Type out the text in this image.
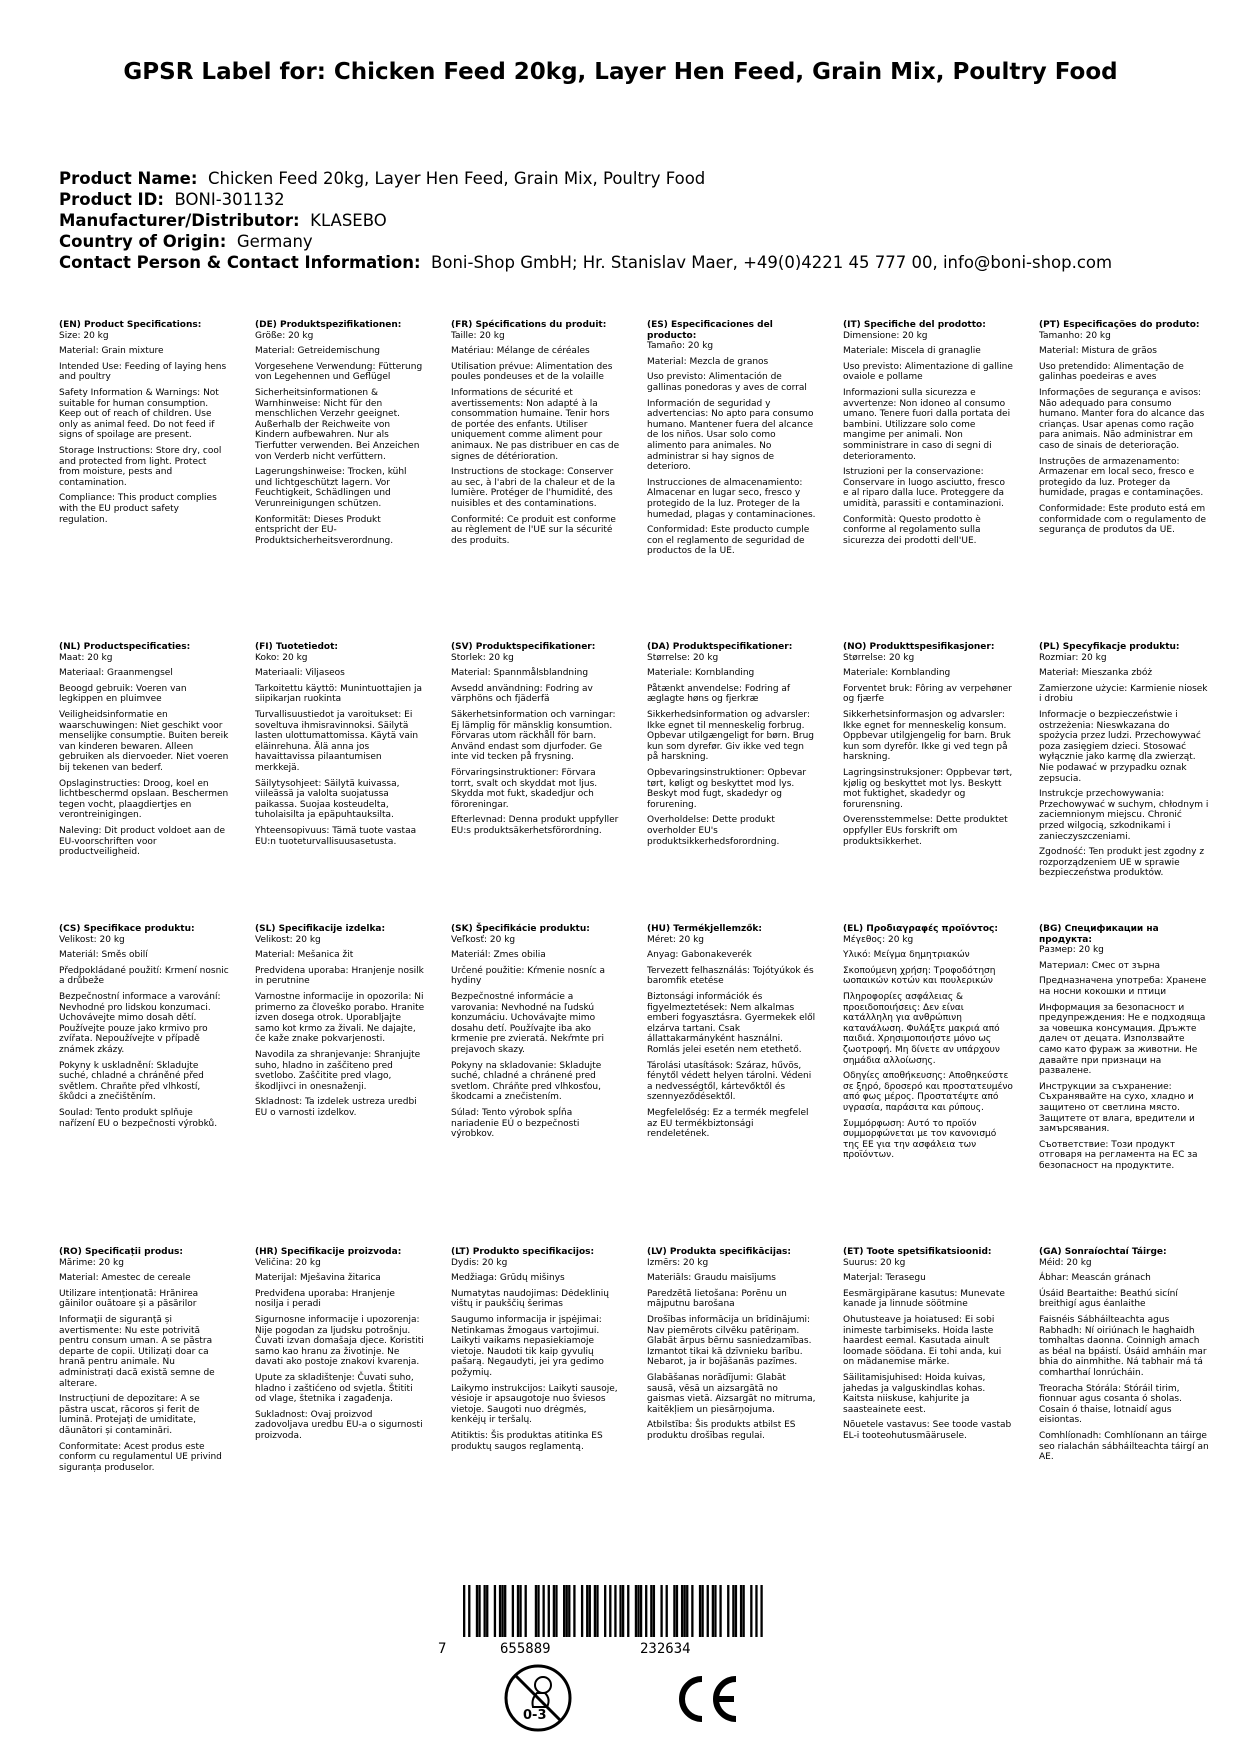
GPSR Label for: Chicken Feed 20kg, Layer Hen Feed, Grain Mix, Poultry Food
Product Name: Chicken Feed 20kg, Layer Hen Feed, Grain Mix, Poultry Food
Product ID: BONI-301132
Manufacturer/Distributor: KLASEBO
Country of Origin: Germany
Contact Person & Contact Information: Boni-Shop GmbH; Hr. Stanislav Maer, +49(0)4221 45 777 00, info@boni-shop.com
(EN) Product Specifications:

Size: 20 kg

Material: Grain mixture

Intended Use: Feeding of laying hens and poultry

Safety Information & Warnings: Not suitable for human consumption. Keep out of reach of children. Use only as animal feed. Do not feed if signs of spoilage are present.

Storage Instructions: Store dry, cool and protected from light. Protect from moisture, pests and contamination.

Compliance: This product complies with the EU product safety regulation.

(DE) Produktspezifikationen:

Größe: 20 kg

Material: Getreidemischung

Vorgesehene Verwendung: Fütterung von Legehennen und Geflügel

Sicherheitsinformationen & Warnhinweise: Nicht für den menschlichen Verzehr geeignet. Außerhalb der Reichweite von Kindern aufbewahren. Nur als Tierfutter verwenden. Bei Anzeichen von Verderb nicht verfüttern.

Lagerungshinweise: Trocken, kühl und lichtgeschützt lagern. Vor Feuchtigkeit, Schädlingen und Verunreinigungen schützen.

Konformität: Dieses Produkt entspricht der EU-Produktsicherheitsverordnung.

(FR) Spécifications du produit:

Taille: 20 kg

Matériau: Mélange de céréales

Utilisation prévue: Alimentation des poules pondeuses et de la volaille

Informations de sécurité et avertissements: Non adapté à la consommation humaine. Tenir hors de portée des enfants. Utiliser uniquement comme aliment pour animaux. Ne pas distribuer en cas de signes de détérioration.

Instructions de stockage: Conserver au sec, à l'abri de la chaleur et de la lumière. Protéger de l'humidité, des nuisibles et des contaminations.

Conformité: Ce produit est conforme au règlement de l'UE sur la sécurité des produits.

(ES) Especificaciones del producto:

Tamaño: 20 kg

Material: Mezcla de granos

Uso previsto: Alimentación de gallinas ponedoras y aves de corral

Información de seguridad y advertencias: No apto para consumo humano. Mantener fuera del alcance de los niños. Usar solo como alimento para animales. No administrar si hay signos de deterioro.

Instrucciones de almacenamiento: Almacenar en lugar seco, fresco y protegido de la luz. Proteger de la humedad, plagas y contaminaciones.

Conformidad: Este producto cumple con el reglamento de seguridad de productos de la UE.

(IT) Specifiche del prodotto:

Dimensione: 20 kg

Materiale: Miscela di granaglie

Uso previsto: Alimentazione di galline ovaiole e pollame

Informazioni sulla sicurezza e avvertenze: Non idoneo al consumo umano. Tenere fuori dalla portata dei bambini. Utilizzare solo come mangime per animali. Non somministrare in caso di segni di deterioramento.

Istruzioni per la conservazione: Conservare in luogo asciutto, fresco e al riparo dalla luce. Proteggere da umidità, parassiti e contaminazioni.

Conformità: Questo prodotto è conforme al regolamento sulla sicurezza dei prodotti dell'UE.

(PT) Especificações do produto:

Tamanho: 20 kg

Material: Mistura de grãos

Uso pretendido: Alimentação de galinhas poedeiras e aves

Informações de segurança e avisos: Não adequado para consumo humano. Manter fora do alcance das crianças. Usar apenas como ração para animais. Não administrar em caso de sinais de deterioração.

Instruções de armazenamento: Armazenar em local seco, fresco e protegido da luz. Proteger da humidade, pragas e contaminações.

Conformidade: Este produto está em conformidade com o regulamento de segurança de produtos da UE.

(NL) Productspecificaties:

Maat: 20 kg

Materiaal: Graanmengsel

Beoogd gebruik: Voeren van legkippen en pluimvee

Veiligheidsinformatie en waarschuwingen: Niet geschikt voor menselijke consumptie. Buiten bereik van kinderen bewaren. Alleen gebruiken als diervoeder. Niet voeren bij tekenen van bederf.

Opslaginstructies: Droog, koel en lichtbeschermd opslaan. Beschermen tegen vocht, plaagdiertjes en verontreinigingen.

Naleving: Dit product voldoet aan de EU-voorschriften voor productveiligheid.

(FI) Tuotetiedot:

Koko: 20 kg

Materiaali: Viljaseos

Tarkoitettu käyttö: Munintuottajien ja siipikarjan ruokinta

Turvallisuustiedot ja varoitukset: Ei soveltuva ihmisravinnoksi. Säilytä lasten ulottumattomissa. Käytä vain eläinrehuna. Älä anna jos havaittavissa pilaantumisen merkkejä.

Säilytysohjeet: Säilytä kuivassa, viileässä ja valolta suojatussa paikassa. Suojaa kosteudelta, tuholaisilta ja epäpuhtauksilta.

Yhteensopivuus: Tämä tuote vastaa EU:n tuoteturvallisuusasetusta.

(SV) Produktspecifikationer:

Storlek: 20 kg

Material: Spannmålsblandning

Avsedd användning: Fodring av värphöns och fjäderfä

Säkerhetsinformation och varningar: Ej lämplig för mänsklig konsumtion. Förvaras utom räckhåll för barn. Använd endast som djurfoder. Ge inte vid tecken på frysning.

Förvaringsinstruktioner: Förvara torrt, svalt och skyddat mot ljus. Skydda mot fukt, skadedjur och föroreningar.

Efterlevnad: Denna produkt uppfyller EU:s produktsäkerhetsförordning.

(DA) Produktspecifikationer:

Størrelse: 20 kg

Materiale: Kornblanding

Påtænkt anvendelse: Fodring af æglagte høns og fjerkræ

Sikkerhedsinformation og advarsler: Ikke egnet til menneskelig forbrug. Opbevar utilgængeligt for børn. Brug kun som dyrefør. Giv ikke ved tegn på harskning.

Opbevaringsinstruktioner: Opbevar tørt, køligt og beskyttet mod lys. Beskyt mod fugt, skadedyr og forurening.

Overholdelse: Dette produkt overholder EU's produktsikkerhedsforordning.

(NO) Produkttspesifikasjoner:

Størrelse: 20 kg

Materiale: Kornblanding

Forventet bruk: Fôring av verpehøner og fjærfe

Sikkerhetsinformasjon og advarsler: Ikke egnet for menneskelig konsum. Oppbevar utilgjengelig for barn. Bruk kun som dyrefôr. Ikke gi ved tegn på harskning.

Lagringsinstruksjoner: Oppbevar tørt, kjølig og beskyttet mot lys. Beskytt mot fuktighet, skadedyr og forurensning.

Overensstemmelse: Dette produktet oppfyller EUs forskrift om produktsikkerhet.

(PL) Specyfikacje produktu:

Rozmiar: 20 kg

Materiał: Mieszanka zbóż

Zamierzone użycie: Karmienie niosek i drobiu

Informacje o bezpieczeństwie i ostrzeżenia: Nieswkazana do spożycia przez ludzi. Przechowywać poza zasięgiem dzieci. Stosować wyłącznie jako karmę dla zwierząt. Nie podawać w przypadku oznak zepsucia.

Instrukcje przechowywania: Przechowywać w suchym, chłodnym i zaciemnionym miejscu. Chronić przed wilgocią, szkodnikami i zanieczyszczeniami.

Zgodność: Ten produkt jest zgodny z rozporządzeniem UE w sprawie bezpieczeństwa produktów.

(CS) Specifikace produktu:

Velikost: 20 kg

Materiál: Směs obilí

Předpokládané použití: Krmení nosnic a drůbeže

Bezpečnostní informace a varování: Nevhodné pro lidskou konzumaci. Uchovávejte mimo dosah dětí. Používejte pouze jako krmivo pro zvířata. Nepoužívejte v případě známek zkázy.

Pokyny k uskladnění: Skladujte suché, chladné a chráněné před světlem. Chraňte před vlhkostí, škůdci a znečištěním.

Soulad: Tento produkt splňuje nařízení EU o bezpečnosti výrobků.

(SL) Specifikacije izdelka:

Velikost: 20 kg

Material: Mešanica žit

Predvidena uporaba: Hranjenje nosilk in perutnine

Varnostne informacije in opozorila: Ni primerno za človeško porabo. Hranite izven dosega otrok. Uporabljajte samo kot krmo za živali. Ne dajajte, če kaže znake pokvarjenosti.

Navodila za shranjevanje: Shranjujte suho, hladno in zaščiteno pred svetlobo. Zaščitite pred vlago, škodljivci in onesnaženji.

Skladnost: Ta izdelek ustreza uredbi EU o varnosti izdelkov.

(SK) Špecifikácie produktu:

Veľkosť: 20 kg

Materiál: Zmes obilia

Určené použitie: Kŕmenie nosníc a hydiny

Bezpečnostné informácie a varovania: Nevhodné na ľudskú konzumáciu. Uchovávajte mimo dosahu detí. Používajte iba ako krmenie pre zvieratá. Nekŕmte pri prejavoch skazy.

Pokyny na skladovanie: Skladujte suché, chladné a chránené pred svetlom. Chráňte pred vlhkosťou, škodcami a znečistením.

Súlad: Tento výrobok spĺňa nariadenie EÚ o bezpečnosti výrobkov.

(HU) Termékjellemzők:

Méret: 20 kg

Anyag: Gabonakeverék

Tervezett felhasználás: Tojótyúkok és baromfik etetése

Biztonsági információk és figyelmeztetések: Nem alkalmas emberi fogyasztásra. Gyermekek elől elzárva tartani. Csak állattakarmányként használni. Romlás jelei esetén nem etethető.

Tárolási utasítások: Száraz, hűvös, fénytől védett helyen tárolni. Védeni a nedvességtől, kártevőktől és szennyeződésektől.

Megfelelőség: Ez a termék megfelel az EU termékbiztonsági rendeletének.

(EL) Προδιαγραφές προϊόντος:

Μέγεθος: 20 kg

Υλικό: Μείγμα δημητριακών

Σκοπούμενη χρήση: Τροφοδότηση ωοπαικών κοτών και πουλερικών

Πληροφορίες ασφάλειας & προειδοποιήσεις: Δεν είναι κατάλληλη για ανθρώπινη κατανάλωση. Φυλάξτε μακριά από παιδιά. Χρησιμοποιήστε μόνο ως ζωοτροφή. Μη δίνετε αν υπάρχουν σημάδια αλλοίωσης.

Οδηγίες αποθήκευσης: Αποθηκεύστε σε ξηρό, δροσερό και προστατευμένο από φως μέρος. Προστατέψτε από υγρασία, παράσιτα και ρύπους.

Συμμόρφωση: Αυτό το προϊόν συμμορφώνεται με τον κανονισμό της ΕΕ για την ασφάλεια των προϊόντων.

(BG) Спецификации на продукта:

Размер: 20 kg

Материал: Смес от зърна

Предназначена употреба: Хранене на носни кокошки и птици

Информация за безопасност и предупреждения: Не е подходяща за човешка консумация. Дръжте далеч от децата. Използвайте само като фураж за животни. Не давайте при признаци на развалене.

Инструкции за съхранение: Съхранявайте на сухо, хладно и защитено от светлина място. Защитете от влага, вредители и замърсявания.

Съответствие: Този продукт отговаря на регламента на ЕС за безопасност на продуктите.

(RO) Specificații produs:

Mărime: 20 kg

Material: Amestec de cereale

Utilizare intenționată: Hrănirea găinilor ouătoare și a păsărilor

Informații de siguranță și avertismente: Nu este potrivită pentru consum uman. A se păstra departe de copii. Utilizați doar ca hrană pentru animale. Nu administrați dacă există semne de alterare.

Instrucțiuni de depozitare: A se păstra uscat, răcoros și ferit de lumină. Protejați de umiditate, dăunători și contaminări.

Conformitate: Acest produs este conform cu regulamentul UE privind siguranța produselor.

(HR) Specifikacije proizvoda:

Veličina: 20 kg

Materijal: Mješavina žitarica

Predviđena uporaba: Hranjenje nosilja i peradi

Sigurnosne informacije i upozorenja: Nije pogodan za ljudsku potrošnju. Čuvati izvan domašaja djece. Koristiti samo kao hranu za životinje. Ne davati ako postoje znakovi kvarenja.

Upute za skladištenje: Čuvati suho, hladno i zaštićeno od svjetla. Štititi od vlage, štetnika i zagađenja.

Sukladnost: Ovaj proizvod zadovoljava uredbu EU-a o sigurnosti proizvoda.

(LT) Produkto specifikacijos:

Dydis: 20 kg

Medžiaga: Grūdų mišinys

Numatytas naudojimas: Dėdeklinių vištų ir paukščių šerimas

Saugumo informacija ir įspėjimai: Netinkamas žmogaus vartojimui. Laikyti vaikams nepasiekiamoje vietoje. Naudoti tik kaip gyvulių pašarą. Negaudyti, jei yra gedimo požymių.

Laikymo instrukcijos: Laikyti sausoje, vėsioje ir apsaugotoje nuo šviesos vietoje. Saugoti nuo drėgmės, kenkėjų ir teršalų.

Atitiktis: Šis produktas atitinka ES produktų saugos reglamentą.

(LV) Produkta specifikācijas:

Izmērs: 20 kg

Materiāls: Graudu maisījums

Paredzētā lietošana: Porēnu un mājputnu barošana

Drošības informācija un brīdinājumi: Nav piemērots cilvēku patēriņam. Glabāt ārpus bērnu sasniedzamības. Izmantot tikai kā dzīvnieku barību. Nebarot, ja ir bojāšanās pazīmes.

Glabāšanas norādījumi: Glabāt sausā, vēsā un aizsargātā no gaismas vietā. Aizsargāt no mitruma, kaitēkļiem un piesārņojuma.

Atbilstība: Šis produkts atbilst ES produktu drošības regulai.

(ET) Toote spetsifikatsioonid:

Suurus: 20 kg

Materjal: Terasegu

Eesmärgipärane kasutus: Munevate kanade ja linnude söötmine

Ohutusteave ja hoiatused: Ei sobi inimeste tarbimiseks. Hoida laste haardest eemal. Kasutada ainult loomade söödana. Ei tohi anda, kui on mädanemise märke.

Säilitamisjuhised: Hoida kuivas, jahedas ja valguskindlas kohas. Kaitsta niiskuse, kahjurite ja saasteainete eest.

Nõuetele vastavus: See toode vastab EL-i tooteohutusmäärusele.

(GA) Sonraíochtaí Táirge:

Méid: 20 kg

Ábhar: Meascán gránach

Úsáid Beartaithe: Beathú sicíní breithigí agus éanlaithe

Faisnéis Sábháilteachta agus Rabhadh: Ní oiriúnach le haghaidh tomhaltas daonna. Coinnigh amach as béal na bpáistí. Úsáid amháin mar bhia do ainmhithe. Ná tabhair má tá comharthaí lonrúcháin.

Treoracha Stórála: Stóráil tirim, fionnuar agus cosanta ó sholas. Cosain ó thaise, lotnaidí agus eisiontas.

Comhlíonadh: Comhlíonann an táirge seo rialachán sábháilteachta táirgí an AE.

7	655889	232634
0-3
